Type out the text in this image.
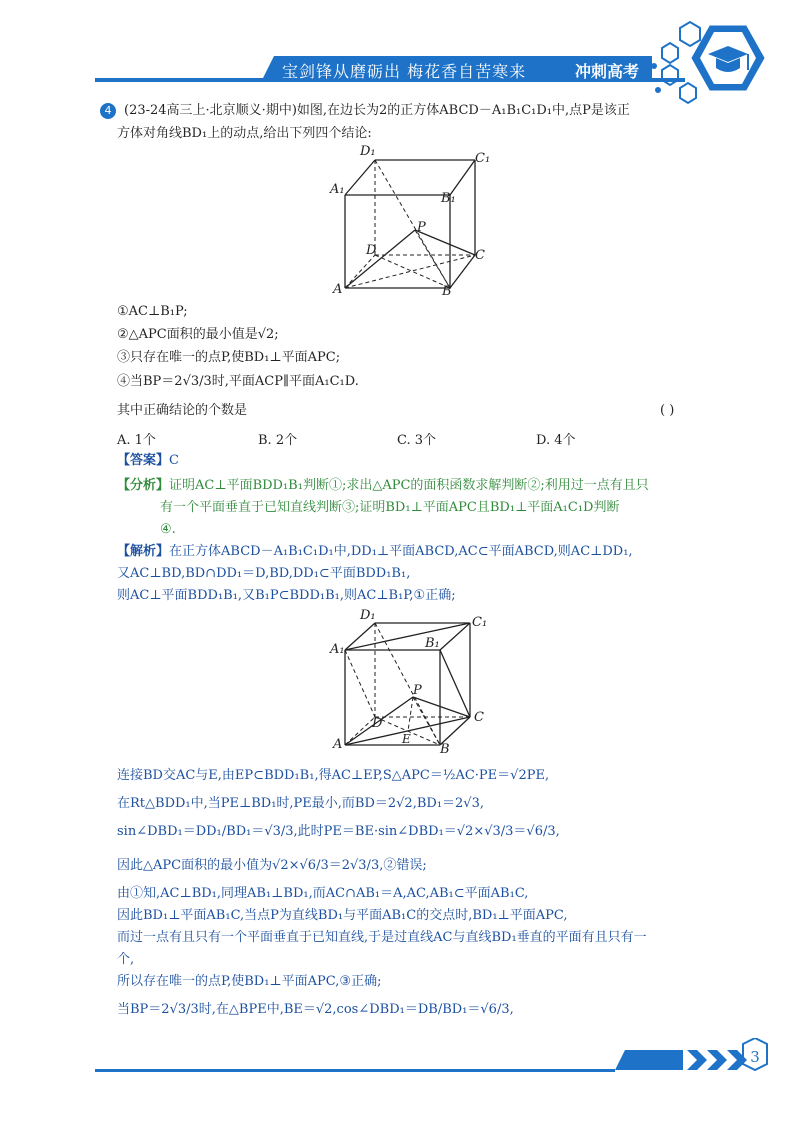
宝剑锋从磨砺出 梅花香自苦寒来	冲刺高考
4 (23-24高三上·北京顺义·期中)如图,在边长为2的正方体ABCD－A₁B₁C₁D₁中,点P是该正
方体对角线BD₁上的动点,给出下列四个结论:
D₁	C₁
A₁
B₁
P
D	C
A	B
①AC⊥B₁P;
②△APC面积的最小值是√2;
③只存在唯一的点P,使BD₁⊥平面APC;
④当BP＝2√3/3时,平面ACP∥平面A₁C₁D.
其中正确结论的个数是	( )
A. 1个	B. 2个	C. 3个	D. 4个
【答案】C
【分析】证明AC⊥平面BDD₁B₁判断①;求出△APC的面积函数求解判断②;利用过一点有且只
有一个平面垂直于已知直线判断③;证明BD₁⊥平面APC且BD₁⊥平面A₁C₁D判断
④.
【解析】在正方体ABCD－A₁B₁C₁D₁中,DD₁⊥平面ABCD,AC⊂平面ABCD,则AC⊥DD₁,
又AC⊥BD,BD∩DD₁＝D,BD,DD₁⊂平面BDD₁B₁,
则AC⊥平面BDD₁B₁,又B₁P⊂BDD₁B₁,则AC⊥B₁P,①正确;
D₁	C₁
A₁	B₁
P
D	C
E
A	B
连接BD交AC与E,由EP⊂BDD₁B₁,得AC⊥EP,S△APC＝½AC·PE＝√2PE,
在Rt△BDD₁中,当PE⊥BD₁时,PE最小,而BD＝2√2,BD₁＝2√3,
sin∠DBD₁＝DD₁/BD₁＝√3/3,此时PE＝BE·sin∠DBD₁＝√2×√3/3＝√6/3,
因此△APC面积的最小值为√2×√6/3＝2√3/3,②错误;
由①知,AC⊥BD₁,同理AB₁⊥BD₁,而AC∩AB₁＝A,AC,AB₁⊂平面AB₁C,
因此BD₁⊥平面AB₁C,当点P为直线BD₁与平面AB₁C的交点时,BD₁⊥平面APC,
而过一点有且只有一个平面垂直于已知直线,于是过直线AC与直线BD₁垂直的平面有且只有一
个,
所以存在唯一的点P,使BD₁⊥平面APC,③正确;
当BP＝2√3/3时,在△BPE中,BE＝√2,cos∠DBD₁＝DB/BD₁＝√6/3,
3
